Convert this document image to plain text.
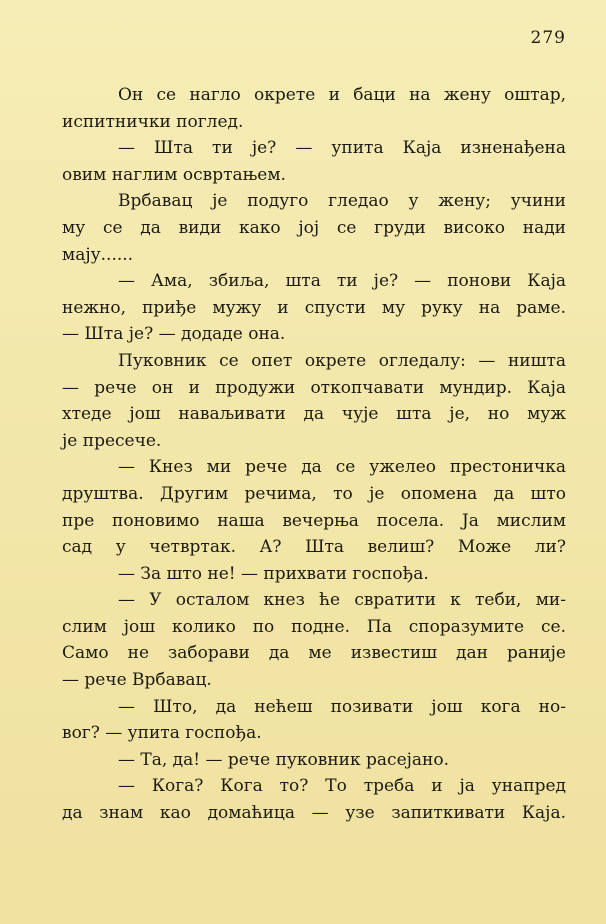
279
Он се нагло окрете и баци на жену оштар,
испитнички поглед.
— Шта ти је? — упита Каја изненађена
овим наглим освртањем.
Врбавац је подуго гледао у жену; учини
му се да види како јој се груди високо нади
мају......
— Ама, збиља, шта ти је? — понови Каја
нежно, приђе мужу и спусти му руку на раме.
— Шта је? — додаде она.
Пуковник се опет окрете огледалу: — ништа
— рече он и продужи откопчавати мундир. Каја
хтеде још наваљивати да чује шта је, но муж
је пресече.
— Кнез ми рече да се ужелео престоничка
друштва. Другим речима, то је опомена да што
пре поновимо наша вечерња посела. Ја мислим
сад у четвртак. А? Шта велиш? Може ли?
— За што не! — прихвати госпођа.
— У осталом кнез ће свратити к теби, ми-
слим још колико по подне. Па споразумите се.
Само не заборави да ме известиш дан раније
— рече Врбавац.
— Што, да нећеш позивати још кога но-
вог? — упита госпођа.
— Та, да! — рече пуковник расејано.
— Кога? Кога то? То треба и ја унапред
да знам као домаћица — узе запиткивати Каја.
